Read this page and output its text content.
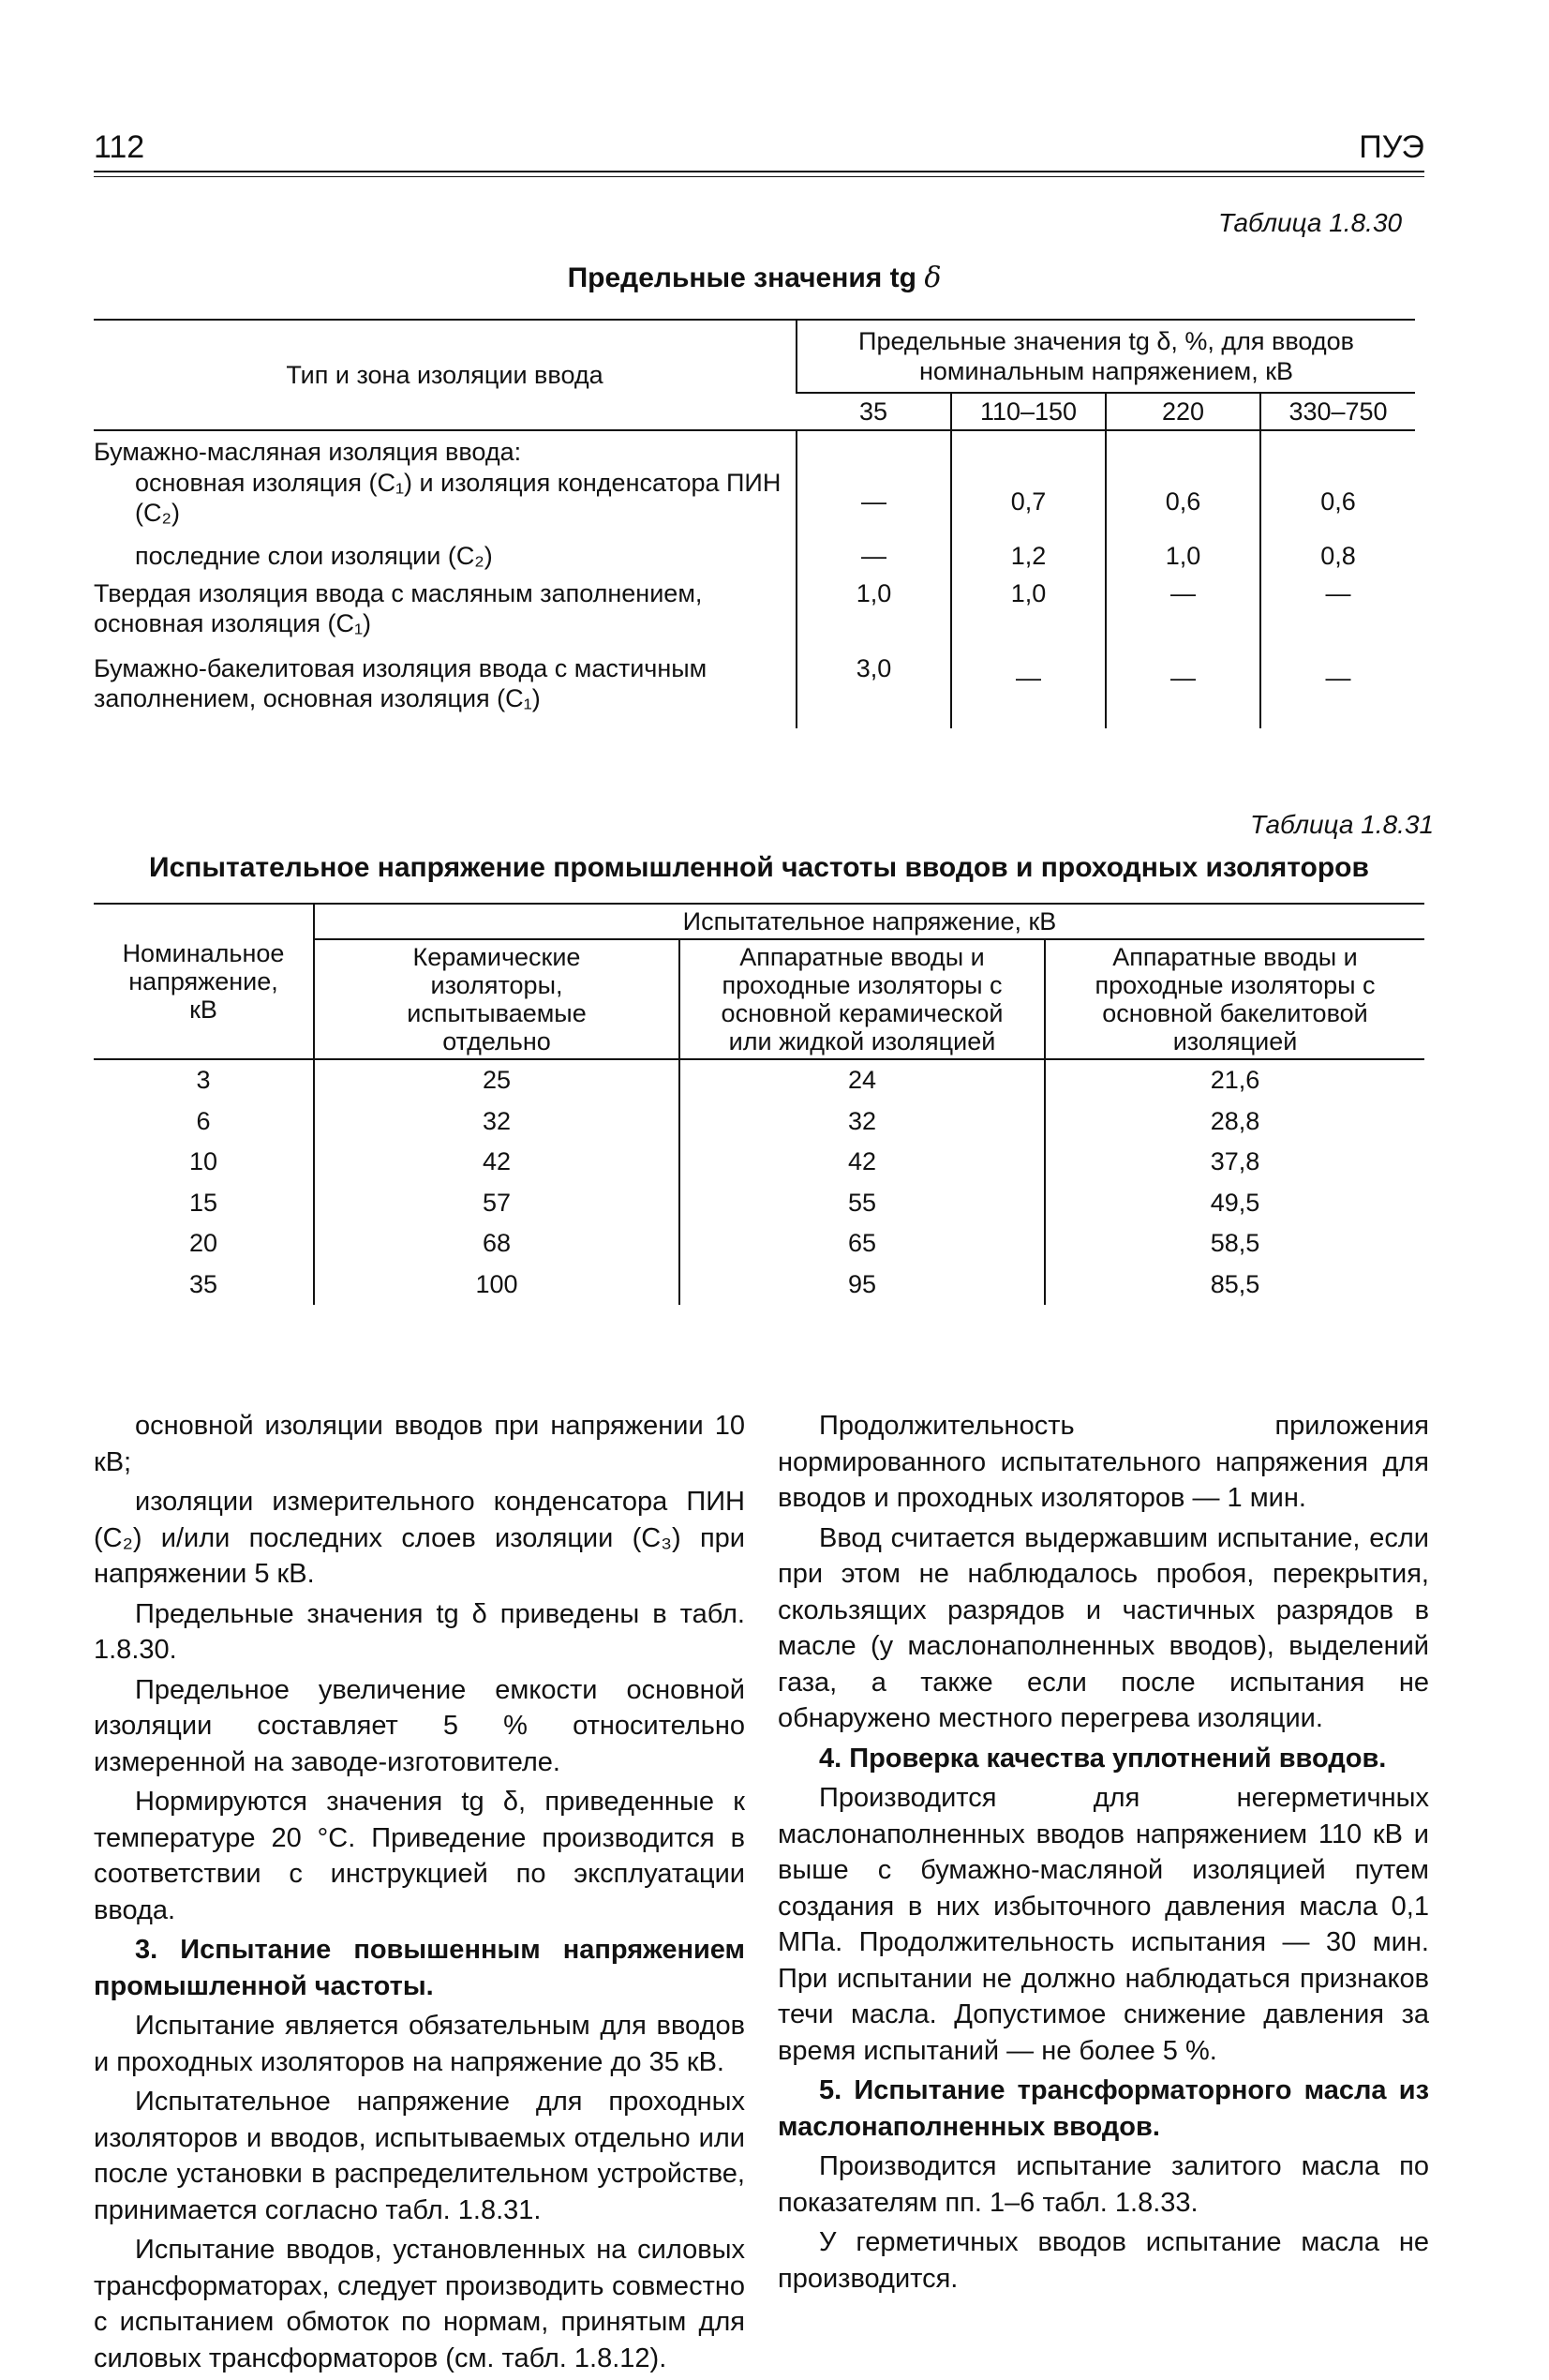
112	ПУЭ
Таблица 1.8.30
Предельные значения tg δ
Тип и зона изоляции ввода	Предельные значения tg δ, %, для вводов номинальным напряжением, кВ			
	35	110–150	220	330–750
Бумажно-масляная изоляция ввода:				
основная изоляция (C₁) и изоляция конденсатора ПИН (C₂)	—	0,7	0,6	0,6
последние слои изоляции (C₂)	—	1,2	1,0	0,8
Твердая изоляция ввода с масляным заполнением, основная изоляция (C₁)	1,0	1,0	—	—
Бумажно-бакелитовая изоляция ввода с мастичным заполнением, основная изоляция (C₁)	3,0	—	—	—
Таблица 1.8.31
Испытательное напряжение промышленной частоты вводов и проходных изоляторов
Номинальное напряжение, кВ	Испытательное напряжение, кВ		
	Керамические изоляторы, испытываемые отдельно	Аппаратные вводы и проходные изоляторы с основной керамической или жидкой изоляцией	Аппаратные вводы и проходные изоляторы с основной бакелитовой изоляцией
3	25	24	21,6
6	32	32	28,8
10	42	42	37,8
15	57	55	49,5
20	68	65	58,5
35	100	95	85,5

основной изоляции вводов при напряжении 10 кВ;

изоляции измерительного конденсатора ПИН (C₂) и/или последних слоев изоляции (C₃) при напряжении 5 кВ.

Предельные значения tg δ приведены в табл. 1.8.30.

Предельное увеличение емкости основной изоляции составляет 5 % относительно измеренной на заводе-изготовителе.

Нормируются значения tg δ, приведенные к температуре 20 °С. Приведение производится в соответствии с инструкцией по эксплуатации ввода.

3. Испытание повышенным напряжением промышленной частоты.

Испытание является обязательным для вводов и проходных изоляторов на напряжение до 35 кВ.

Испытательное напряжение для проходных изоляторов и вводов, испытываемых отдельно или после установки в распределительном устройстве, принимается согласно табл. 1.8.31.

Испытание вводов, установленных на силовых трансформаторах, следует производить совместно с испытанием обмоток по нормам, принятым для силовых трансформаторов (см. табл. 1.8.12).

Продолжительность приложения нормированного испытательного напряжения для вводов и проходных изоляторов — 1 мин.

Ввод считается выдержавшим испытание, если при этом не наблюдалось пробоя, перекрытия, скользящих разрядов и частичных разрядов в масле (у маслонаполненных вводов), выделений газа, а также если после испытания не обнаружено местного перегрева изоляции.

4. Проверка качества уплотнений вводов.

Производится для негерметичных маслонаполненных вводов напряжением 110 кВ и выше с бумажно-масляной изоляцией путем создания в них избыточного давления масла 0,1 МПа. Продолжительность испытания — 30 мин. При испытании не должно наблюдаться признаков течи масла. Допустимое снижение давления за время испытаний — не более 5 %.

5. Испытание трансформаторного масла из маслонаполненных вводов.

Производится испытание залитого масла по показателям пп. 1–6 табл. 1.8.33.

У герметичных вводов испытание масла не производится.
